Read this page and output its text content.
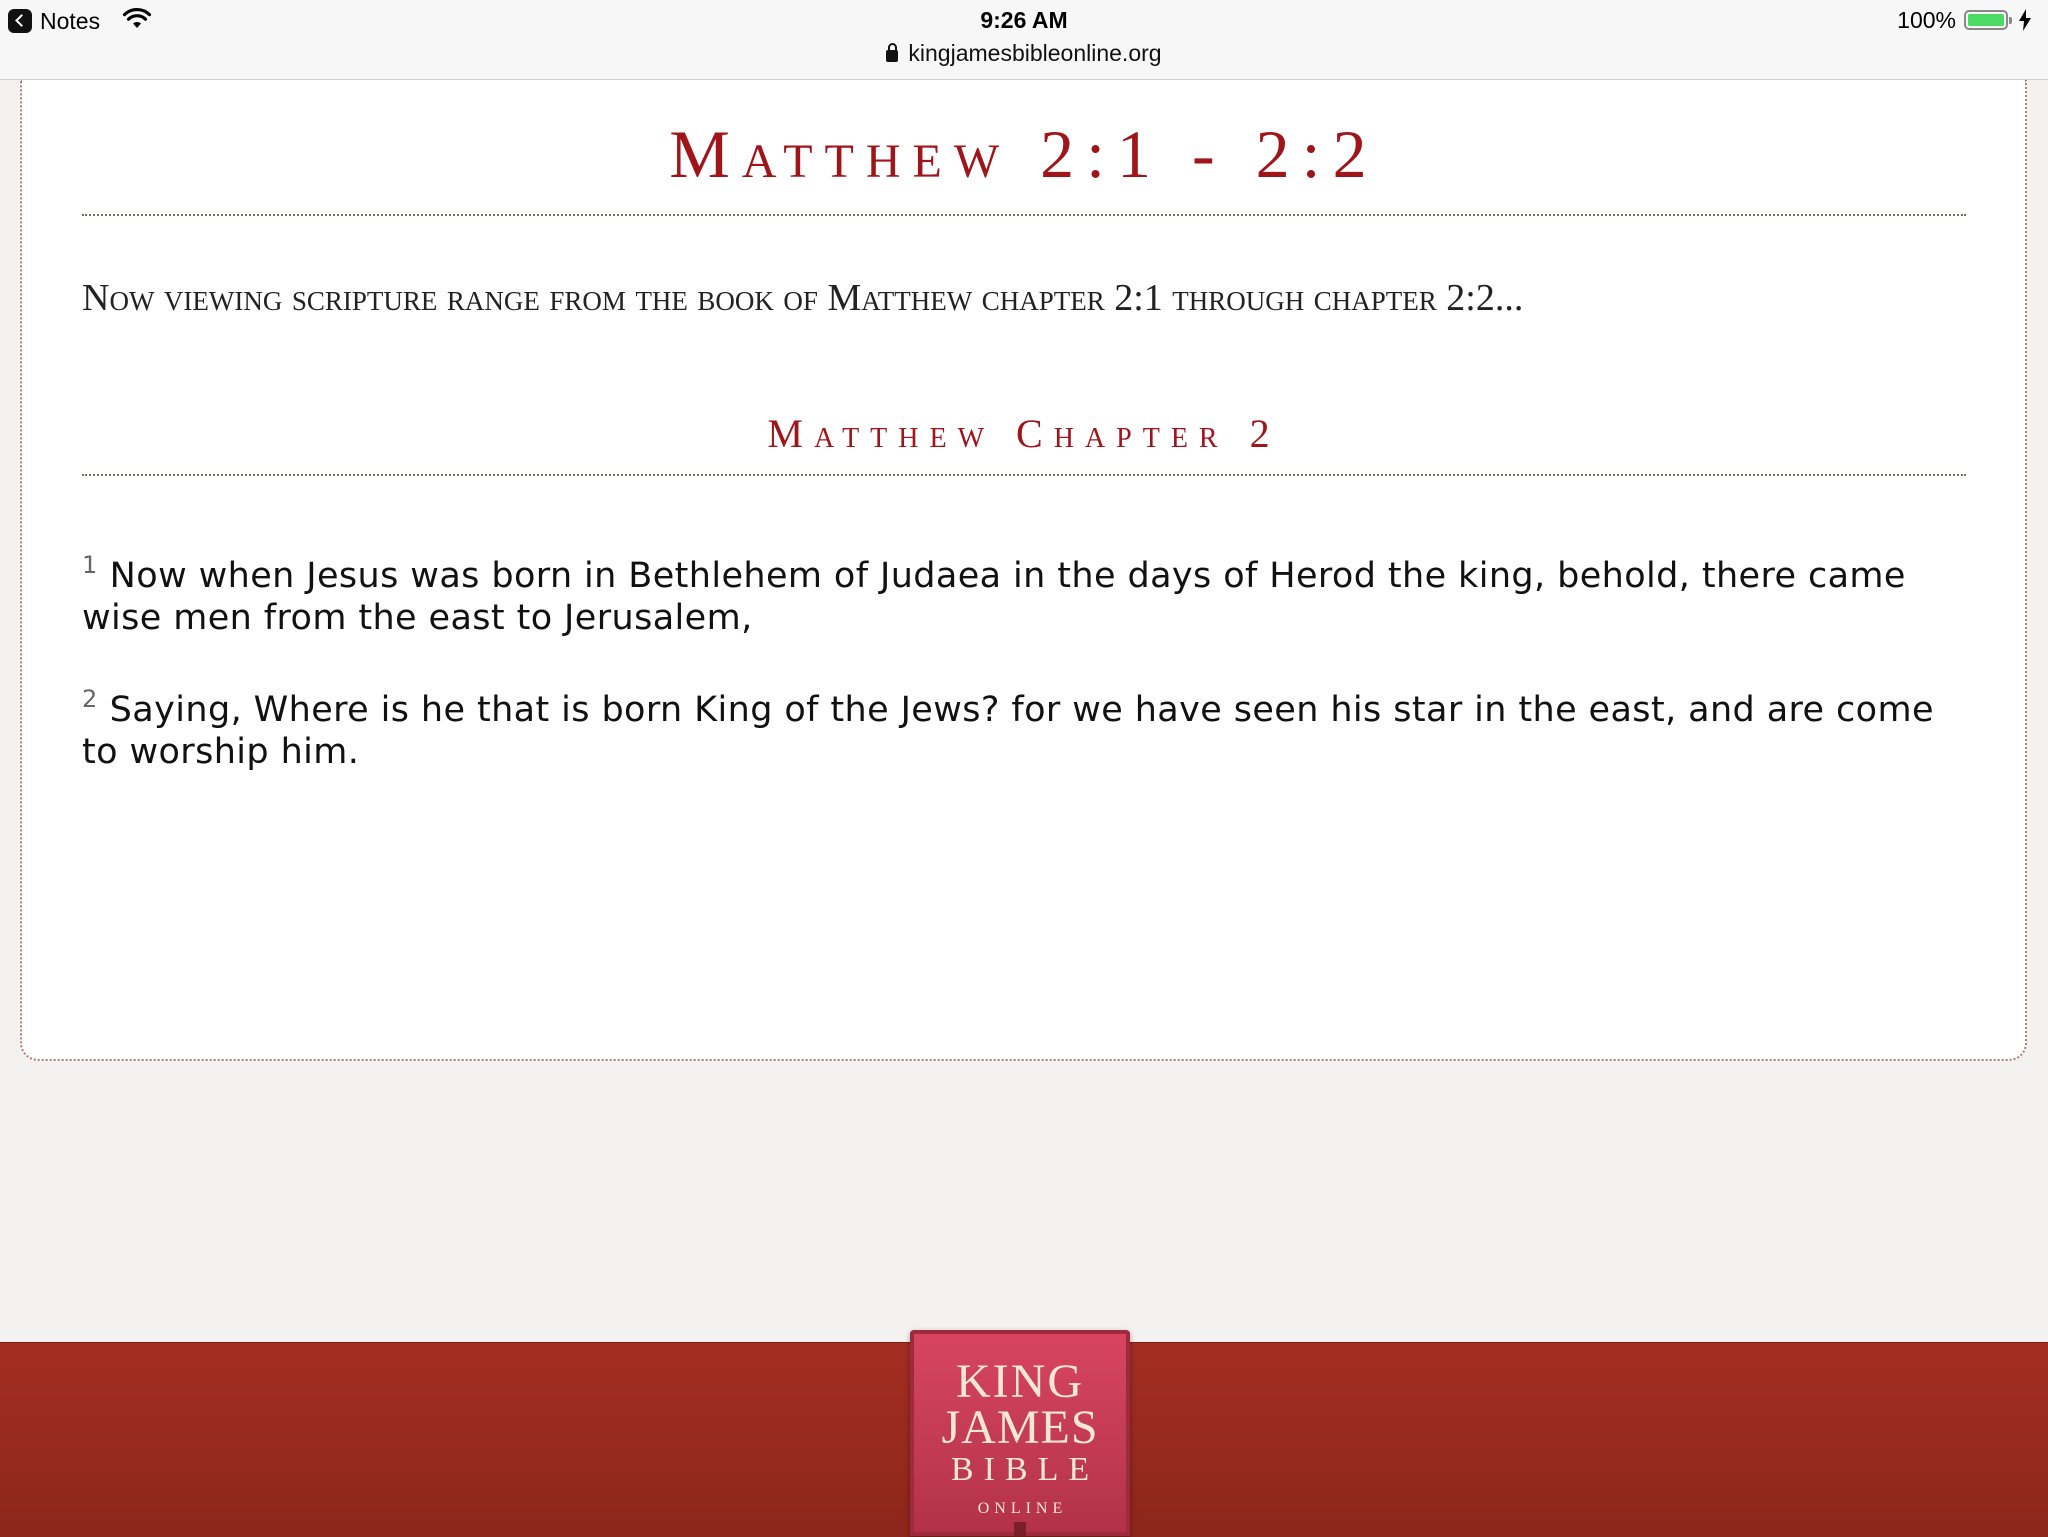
Notes	9:26 AM
kingjamesbibleonline.org
100%
Matthew 2:1 - 2:2
Now viewing scripture range from the book of Matthew chapter 2:1 through chapter 2:2...
Matthew Chapter 2

$^1$ Now when Jesus was born in Bethlehem of Judaea in the days of Herod the king, behold, there came wise men from the east to Jerusalem,

$^2$ Saying, Where is he that is born King of the Jews? for we have seen his star in the east, and are come to worship him.

KING
JAMES
BIBLE
ONLINE
